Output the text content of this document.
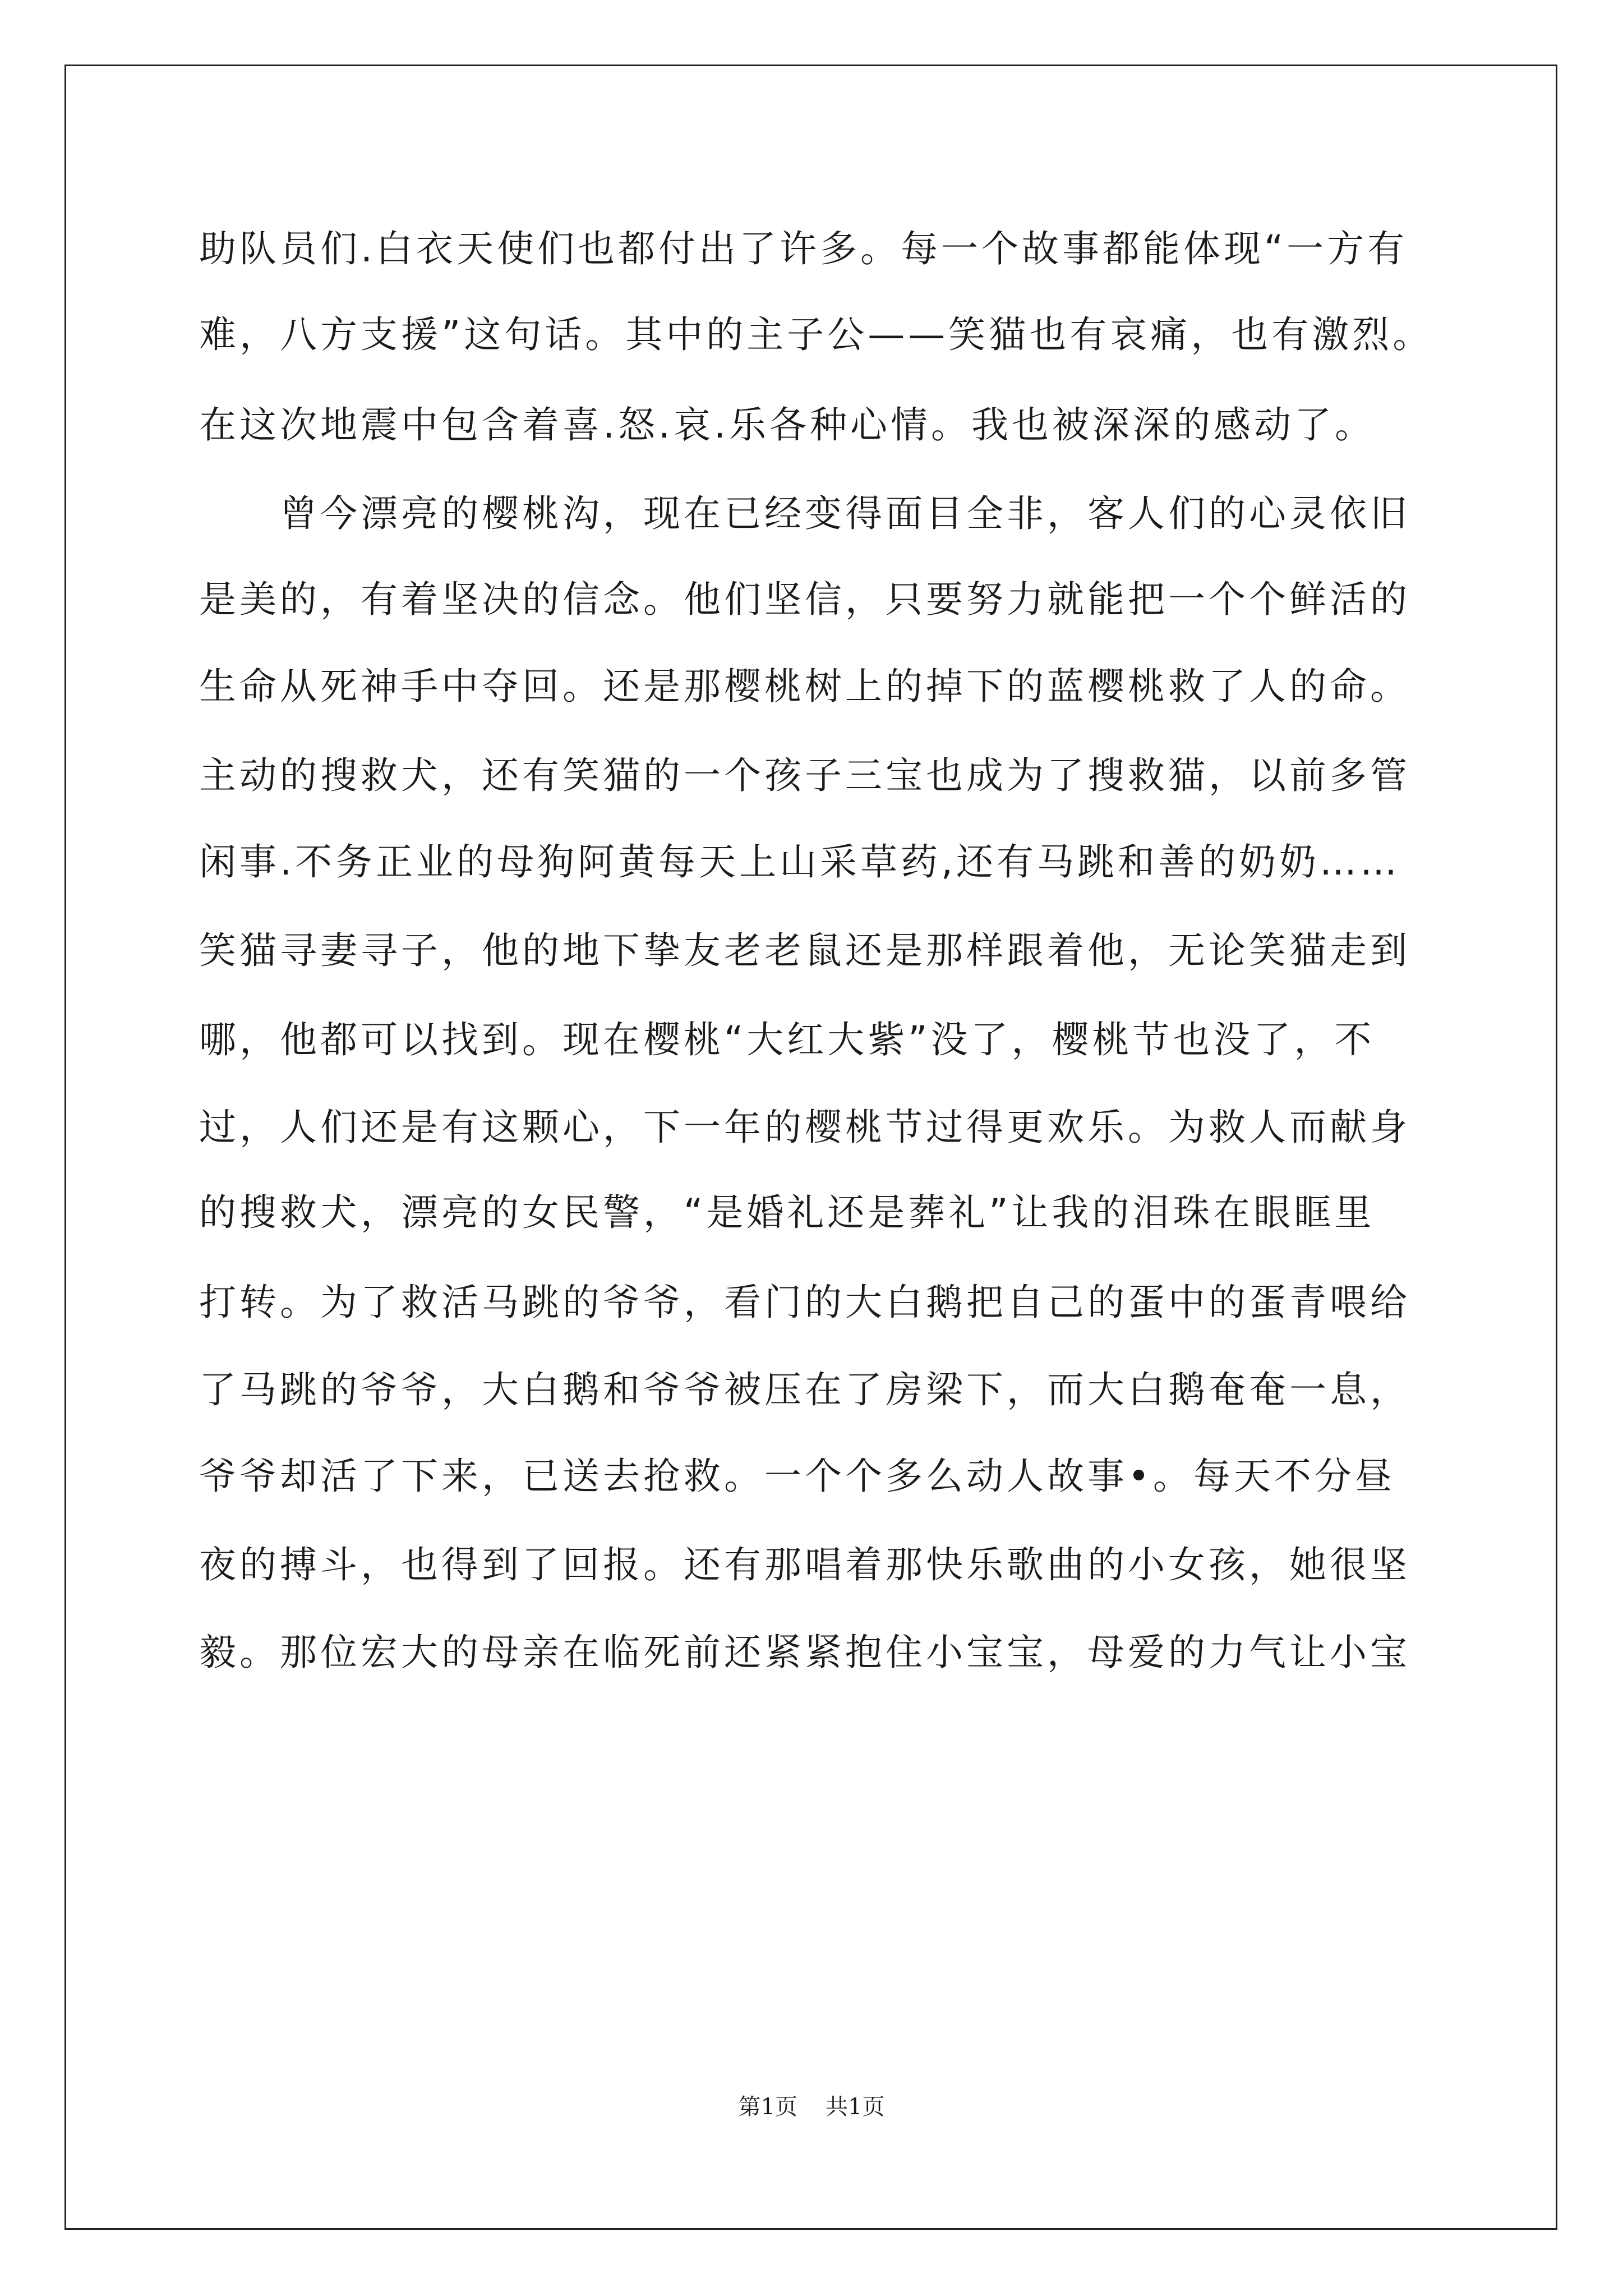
助队员们.白衣天使们也都付出了许多。每一个故事都能体现“一方有
难，八方支援”这句话。其中的主子公——笑猫也有哀痛，也有激烈。
在这次地震中包含着喜.怒.哀.乐各种心情。我也被深深的感动了。
　　曾今漂亮的樱桃沟，现在已经变得面目全非，客人们的心灵依旧
是美的，有着坚决的信念。他们坚信，只要努力就能把一个个鲜活的
生命从死神手中夺回。还是那樱桃树上的掉下的蓝樱桃救了人的命。
主动的搜救犬，还有笑猫的一个孩子三宝也成为了搜救猫，以前多管
闲事.不务正业的母狗阿黄每天上山采草药,还有马跳和善的奶奶……
笑猫寻妻寻子，他的地下挚友老老鼠还是那样跟着他，无论笑猫走到
哪，他都可以找到。现在樱桃“大红大紫”没了，樱桃节也没了，不
过，人们还是有这颗心，下一年的樱桃节过得更欢乐。为救人而献身
的搜救犬，漂亮的女民警，“是婚礼还是葬礼”让我的泪珠在眼眶里
打转。为了救活马跳的爷爷，看门的大白鹅把自己的蛋中的蛋青喂给
了马跳的爷爷，大白鹅和爷爷被压在了房梁下，而大白鹅奄奄一息，
爷爷却活了下来，已送去抢救。一个个多么动人故事•。每天不分昼
夜的搏斗，也得到了回报。还有那唱着那快乐歌曲的小女孩，她很坚
毅。那位宏大的母亲在临死前还紧紧抱住小宝宝，母爱的力气让小宝
第1页 共1页
